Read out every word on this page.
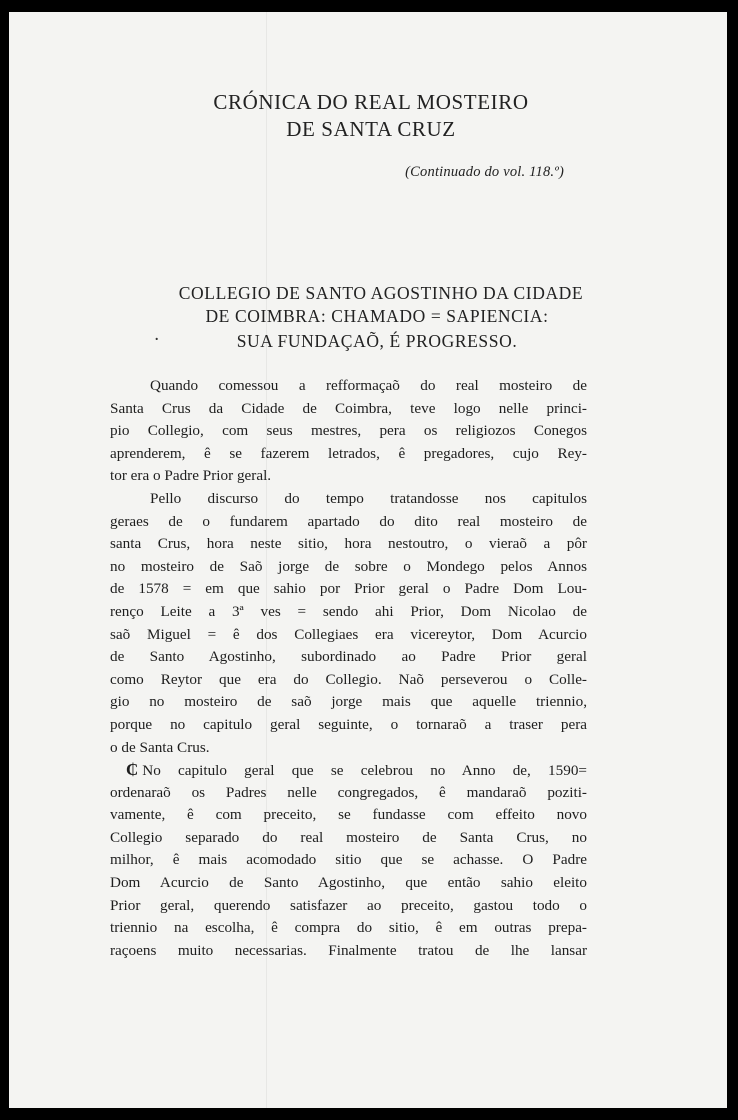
CRÓNICA DO REAL MOSTEIRO
DE SANTA CRUZ
(Continuado do vol. 118.º)
COLLEGIO DE SANTO AGOSTINHO DA CIDADE
DE COIMBRA: CHAMADO = SAPIENCIA:
·	SUA FUNDAÇAÕ, É PROGRESSO.
Quando comessou a refformaçaõ do real mosteiro de
Santa Crus da Cidade de Coimbra, teve logo nelle princi-
pio Collegio, com seus mestres, pera os religiozos Conegos
aprenderem, ê se fazerem letrados, ê pregadores, cujo Rey-
tor era o Padre Prior geral.
Pello discurso do tempo tratandosse nos capitulos
geraes de o fundarem apartado do dito real mosteiro de
santa Crus, hora neste sitio, hora nestoutro, o vieraõ a pôr
no mosteiro de Saõ jorge de sobre o Mondego pelos Annos
de 1578 = em que sahio por Prior geral o Padre Dom Lou-
renço Leite a 3ª ves = sendo ahi Prior, Dom Nicolao de
saõ Miguel = ê dos Collegiaes era vicereytor, Dom Acurcio
de Santo Agostinho, subordinado ao Padre Prior geral
como Reytor que era do Collegio. Naõ perseverou o Colle-
gio no mosteiro de saõ jorge mais que aquelle triennio,
porque no capitulo geral seguinte, o tornaraõ a traser pera
o de Santa Crus.
₵ No capitulo geral que se celebrou no Anno de, 1590=
ordenaraõ os Padres nelle congregados, ê mandaraõ poziti-
vamente, ê com preceito, se fundasse com effeito novo
Collegio separado do real mosteiro de Santa Crus, no
milhor, ê mais acomodado sitio que se achasse. O Padre
Dom Acurcio de Santo Agostinho, que então sahio eleito
Prior geral, querendo satisfazer ao preceito, gastou todo o
triennio na escolha, ê compra do sitio, ê em outras prepa-
raçoens muito necessarias. Finalmente tratou de lhe lansar
